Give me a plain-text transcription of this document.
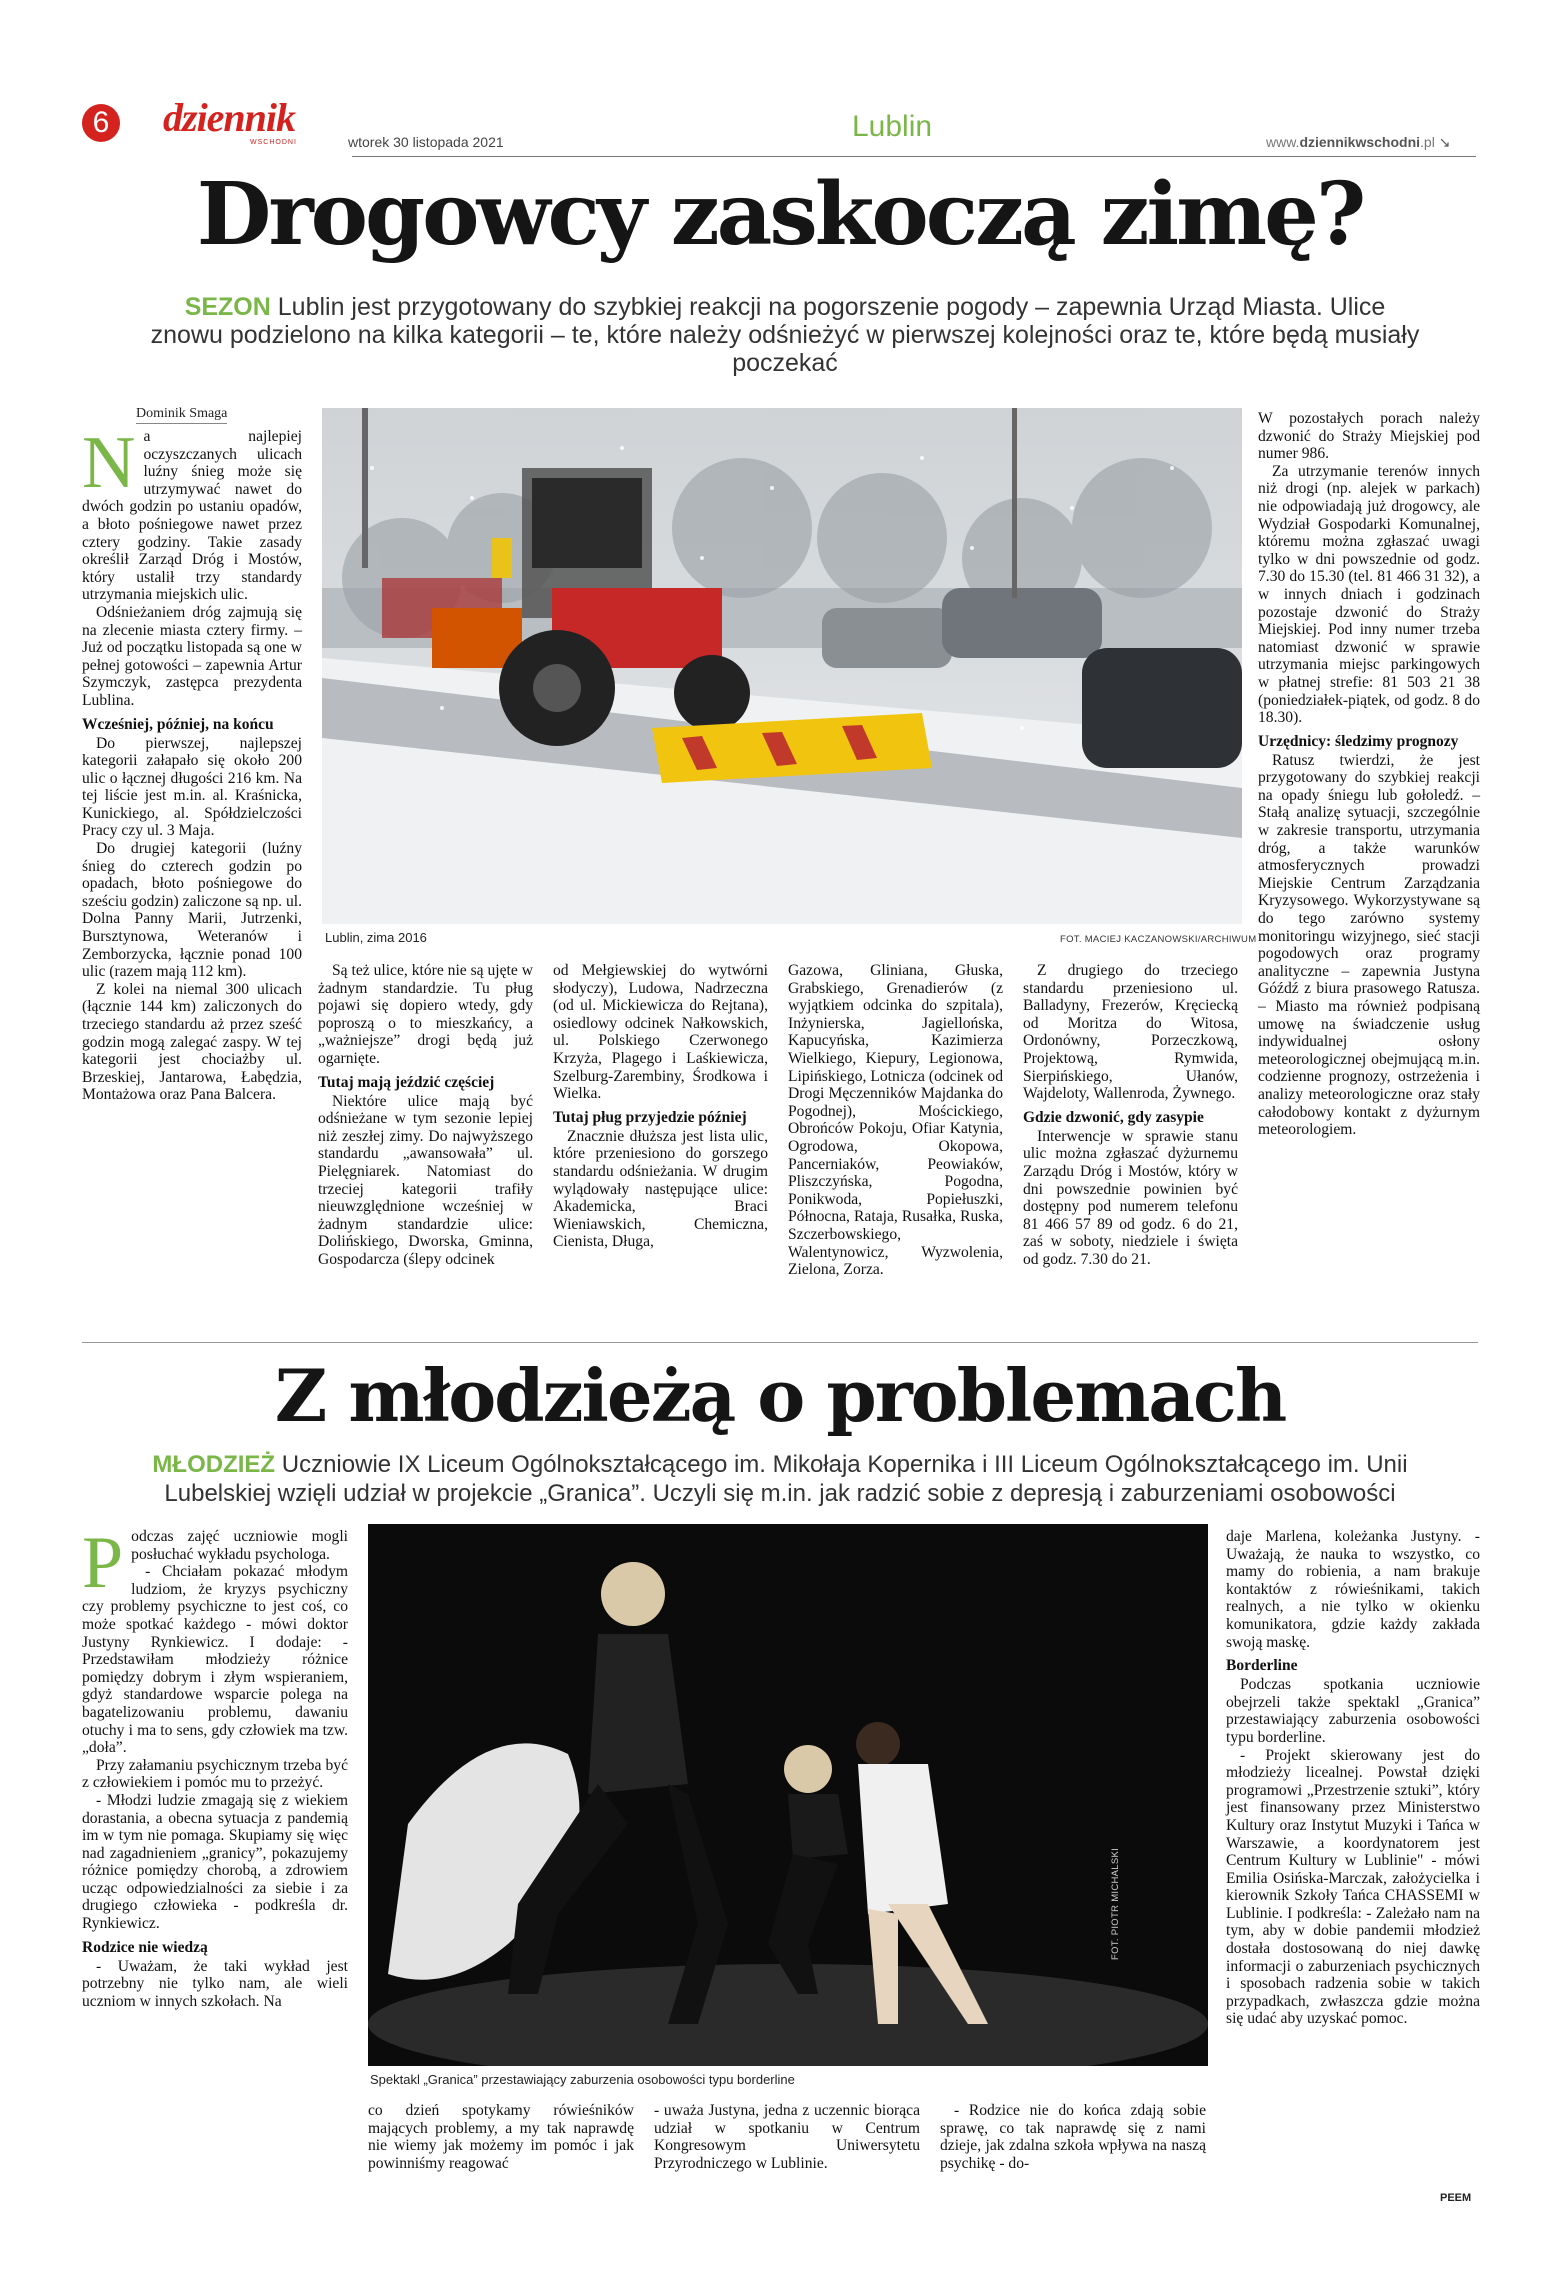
6 dziennik
WSCHODNI	wtorek 30 listopada 2021	Lublin	www.dziennikwschodni.pl ↘
Drogowcy zaskoczą zimę?
SEZON Lublin jest przygotowany do szybkiej reakcji na pogorszenie pogody – zapewnia Urząd Miasta. Ulice znowu podzielono na kilka kategorii – te, które należy odśnieżyć w pierwszej kolejności oraz te, które będą musiały poczekać
Dominik Smaga
Lublin, zima 2016	FOT. MACIEJ KACZANOWSKI/ARCHIWUM
N a najlepiej oczyszczanych ulicach luźny śnieg może się utrzymywać nawet do dwóch godzin po ustaniu opadów, a błoto pośniegowe nawet przez cztery godziny. Takie zasady określił Zarząd Dróg i Mostów, który ustalił trzy standardy utrzymania miejskich ulic.

Odśnieżaniem dróg zajmują się na zlecenie miasta cztery firmy. – Już od początku listopada są one w pełnej gotowości – zapewnia Artur Szymczyk, zastępca prezydenta Lublina.

Wcześniej, później, na końcu

Do pierwszej, najlepszej kategorii załapało się około 200 ulic o łącznej długości 216 km. Na tej liście jest m.in. al. Kraśnicka, Kunickiego, al. Spółdzielczości Pracy czy ul. 3 Maja.

Do drugiej kategorii (luźny śnieg do czterech godzin po opadach, błoto pośniegowe do sześciu godzin) zaliczone są np. ul. Dolna Panny Marii, Jutrzenki, Bursztynowa, Weteranów i Zemborzycka, łącznie ponad 100 ulic (razem mają 112 km).

Z kolei na niemal 300 ulicach (łącznie 144 km) zaliczonych do trzeciego standardu aż przez sześć godzin mogą zalegać zaspy. W tej kategorii jest chociażby ul. Brzeskiej, Jantarowa, Łabędzia, Montażowa oraz Pana Balcera.

Są też ulice, które nie są ujęte w żadnym standardzie. Tu pług pojawi się dopiero wtedy, gdy poproszą o to mieszkańcy, a „ważniejsze” drogi będą już ogarnięte.

Tutaj mają jeździć częściej

Niektóre ulice mają być odśnieżane w tym sezonie lepiej niż zeszłej zimy. Do najwyższego standardu „awansowała” ul. Pielęgniarek. Natomiast do trzeciej kategorii trafiły nieuwzględnione wcześniej w żadnym standardzie ulice: Dolińskiego, Dworska, Gminna, Gospodarcza (ślepy odcinek

od Mełgiewskiej do wytwórni słodyczy), Ludowa, Nadrzeczna (od ul. Mickiewicza do Rejtana), osiedlowy odcinek Nałkowskich, ul. Polskiego Czerwonego Krzyża, Plagego i Laśkiewicza, Szelburg-Zarembiny, Środkowa i Wielka.

Tutaj pług przyjedzie później

Znacznie dłuższa jest lista ulic, które przeniesiono do gorszego standardu odśnieżania. W drugim wylądowały następujące ulice: Akademicka, Braci Wieniawskich, Chemiczna, Cienista, Długa,

Gazowa, Gliniana, Głuska, Grabskiego, Grenadierów (z wyjątkiem odcinka do szpitala), Inżynierska, Jagiellońska, Kapucyńska, Kazimierza Wielkiego, Kiepury, Legionowa, Lipińskiego, Lotnicza (odcinek od Drogi Męczenników Majdanka do Pogodnej), Mościckiego, Obrońców Pokoju, Ofiar Katynia, Ogrodowa, Okopowa, Pancerniaków, Peowiaków, Pliszczyńska, Pogodna, Ponikwoda, Popiełuszki, Północna, Rataja, Rusałka, Ruska, Szczerbowskiego, Walentynowicz, Wyzwolenia, Zielona, Zorza.

Z drugiego do trzeciego standardu przeniesiono ul. Balladyny, Frezerów, Kręciecką od Moritza do Witosa, Ordonówny, Porzeczkową, Projektową, Rymwida, Sierpińskiego, Ułanów, Wajdeloty, Wallenroda, Żywnego.

Gdzie dzwonić, gdy zasypie

Interwencje w sprawie stanu ulic można zgłaszać dyżurnemu Zarządu Dróg i Mostów, który w dni powszednie powinien być dostępny pod numerem telefonu 81 466 57 89 od godz. 6 do 21, zaś w soboty, niedziele i święta od godz. 7.30 do 21.

W pozostałych porach należy dzwonić do Straży Miejskiej pod numer 986.

Za utrzymanie terenów innych niż drogi (np. alejek w parkach) nie odpowiadają już drogowcy, ale Wydział Gospodarki Komunalnej, któremu można zgłaszać uwagi tylko w dni powszednie od godz. 7.30 do 15.30 (tel. 81 466 31 32), a w innych dniach i godzinach pozostaje dzwonić do Straży Miejskiej. Pod inny numer trzeba natomiast dzwonić w sprawie utrzymania miejsc parkingowych w płatnej strefie: 81 503 21 38 (poniedziałek-piątek, od godz. 8 do 18.30).

Urzędnicy: śledzimy prognozy

Ratusz twierdzi, że jest przygotowany do szybkiej reakcji na opady śniegu lub gołoledź. – Stałą analizę sytuacji, szczególnie w zakresie transportu, utrzymania dróg, a także warunków atmosferycznych prowadzi Miejskie Centrum Zarządzania Kryzysowego. Wykorzystywane są do tego zarówno systemy monitoringu wizyjnego, sieć stacji pogodowych oraz programy analityczne – zapewnia Justyna Góźdź z biura prasowego Ratusza. – Miasto ma również podpisaną umowę na świadczenie usług indywidualnej osłony meteorologicznej obejmującą m.in. codzienne prognozy, ostrzeżenia i analizy meteorologiczne oraz stały całodobowy kontakt z dyżurnym meteorologiem.

Z młodzieżą o problemach
MŁODZIEŻ Uczniowie IX Liceum Ogólnokształcącego im. Mikołaja Kopernika i III Liceum Ogólnokształcącego im. Unii Lubelskiej wzięli udział w projekcie „Granica”. Uczyli się m.in. jak radzić sobie z depresją i zaburzeniami osobowości
Spektakl „Granica” przestawiający zaburzenia osobowości typu borderline
FOT. PIOTR MICHALSKI
P odczas zajęć uczniowie mogli posłuchać wykładu psychologa.

- Chciałam pokazać młodym ludziom, że kryzys psychiczny czy problemy psychiczne to jest coś, co może spotkać każdego - mówi doktor Justyny Rynkiewicz. I dodaje: - Przedstawiłam młodzieży różnice pomiędzy dobrym i złym wspieraniem, gdyż standardowe wsparcie polega na bagatelizowaniu problemu, dawaniu otuchy i ma to sens, gdy człowiek ma tzw. „doła”.

Przy załamaniu psychicznym trzeba być z człowiekiem i pomóc mu to przeżyć.

- Młodzi ludzie zmagają się z wiekiem dorastania, a obecna sytuacja z pandemią im w tym nie pomaga. Skupiamy się więc nad zagadnieniem „granicy”, pokazujemy różnice pomiędzy chorobą, a zdrowiem ucząc odpowiedzialności za siebie i za drugiego człowieka - podkreśla dr. Rynkiewicz.

Rodzice nie wiedzą

- Uważam, że taki wykład jest potrzebny nie tylko nam, ale wieli uczniom w innych szkołach. Na

co dzień spotykamy rówieśników mających problemy, a my tak naprawdę nie wiemy jak możemy im pomóc i jak powinniśmy reagować

- uważa Justyna, jedna z uczennic biorąca udział w spotkaniu w Centrum Kongresowym Uniwersytetu Przyrodniczego w Lublinie.

- Rodzice nie do końca zdają sobie sprawę, co tak naprawdę się z nami dzieje, jak zdalna szkoła wpływa na naszą psychikę - do-

daje Marlena, koleżanka Justyny. - Uważają, że nauka to wszystko, co mamy do robienia, a nam brakuje kontaktów z rówieśnikami, takich realnych, a nie tylko w okienku komunikatora, gdzie każdy zakłada swoją maskę.

Borderline

Podczas spotkania uczniowie obejrzeli także spektakl „Granica” przestawiający zaburzenia osobowości typu borderline.

- Projekt skierowany jest do młodzieży licealnej. Powstał dzięki programowi „Przestrzenie sztuki”, który jest finansowany przez Ministerstwo Kultury oraz Instytut Muzyki i Tańca w Warszawie, a koordynatorem jest Centrum Kultury w Lublinie" - mówi Emilia Osińska-Marczak, założycielka i kierownik Szkoły Tańca CHASSEMI w Lublinie. I podkreśla: - Zależało nam na tym, aby w dobie pandemii młodzież dostała dostosowaną do niej dawkę informacji o zaburzeniach psychicznych i sposobach radzenia sobie w takich przypadkach, zwłaszcza gdzie można się udać aby uzyskać pomoc.

PEEM
